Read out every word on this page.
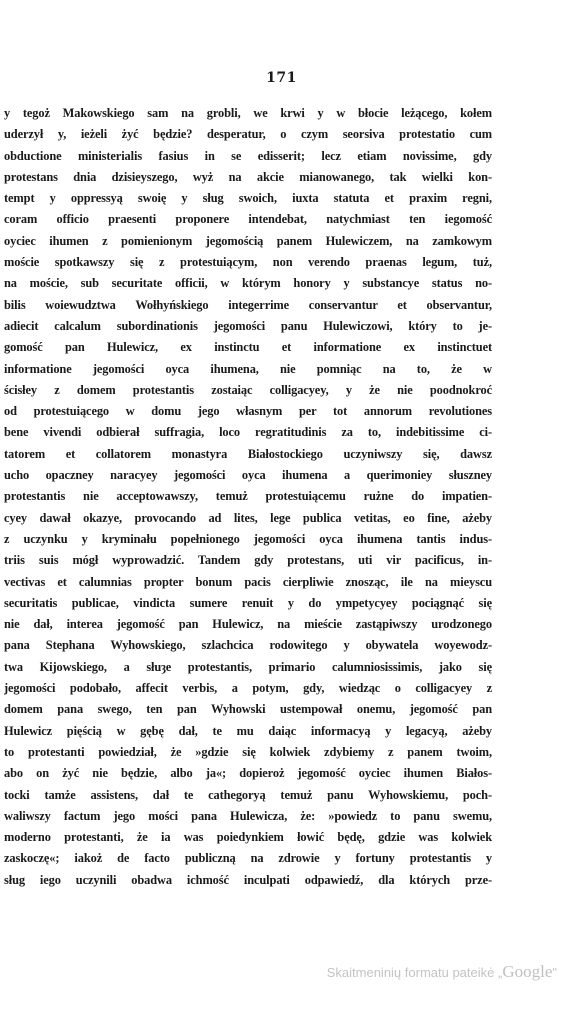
171
y tegoż Makowskiego sam na grobli, we krwi y w błocie leżącego, kołem
uderzył y, ieżeli żyć będzie? desperatur, o czym seorsiva protestatio cum
obductione ministerialis fasius in se edisserit; lecz etiam novissime, gdy
protestans dnia dzisieyszego, wyż na akcie mianowanego, tak wielki kon-
tempt y oppressyą swoię y sług swoich, iuxta statuta et praxim regni,
coram officio praesenti proponere intendebat, natychmiast ten iegomość
oyciec ihumen z pomienionym jegomością panem Hulewiczem, na zamkowym
moście spotkawszy się z protestuiącym, non verendo praenas legum, tuż,
na moście, sub securitate officii, w którym honory y substancye status no-
bilis woiewudztwa Wołhyńskiego integerrime conservantur et observantur,
adiecit calcalum subordinationis jegomości panu Hulewiczowi, który to je-
gomość pan Hulewicz, ex instinctu et informatione ex instinctuet
informatione jegomości oyca ihumena, nie pomniąc na to, że w
ścisłey z domem protestantis zostaiąc colligacyey, y że nie poodnokroć
od protestuiącego w domu jego własnym per tot annorum revolutiones
bene vivendi odbierał suffragia, loco regratitudinis za to, indebitissime ci-
tatorem et collatorem monastyra Białostockiego uczyniwszy się, dawsz
ucho opaczney naracyey jegomości oyca ihumena a querimoniey słuszney
protestantis nie acceptowawszy, temuż protestuiącemu rużne do impatien-
cyey dawał okazye, provocando ad lites, lege publica vetitas, eo fine, ażeby
z uczynku y kryminału popełnionego jegomości oyca ihumena tantis indus-
triis suis mógł wyprowadzić. Tandem gdy protestans, uti vir pacificus, in-
vectivas et calumnias propter bonum pacis cierpliwie znosząc, ile na mieyscu
securitatis publicae, vindicta sumere renuit y do ympetycyey pociągnąć się
nie dał, interea jegomość pan Hulewicz, na mieście zastąpiwszy urodzonego
pana Stephana Wyhowskiego, szlachcica rodowitego y obywatela woyewodz-
twa Kijowskiego, a słuȝe protestantis, primario calumniosissimis, jako się
jegomości podobało, affecit verbis, a potym, gdy, wiedząc o colligacyey z
domem pana swego, ten pan Wyhowski ustempował onemu, jegomość pan
Hulewicz pięścią w gębę dał, te mu daiąc informacyą y legacyą, ażeby
to protestanti powiedział, że »gdzie się kolwiek zdybiemy z panem twoim,
abo on żyć nie będzie, albo ja«; dopieroż jegomość oyciec ihumen Białos-
tocki tamże assistens, dał te cathegoryą temuż panu Wyhowskiemu, poch-
waliwszy factum jego mości pana Hulewicza, że: »powiedz to panu swemu,
moderno protestanti, że ia was poiedynkiem łowić będę, gdzie was kolwiek
zaskoczę«; iakoż de facto publiczną na zdrowie y fortuny protestantis y
sług iego uczynili obadwa ichmość inculpati odpawiedź, dla których prze-
Skaitmeninių formatu pateikė „Google"
